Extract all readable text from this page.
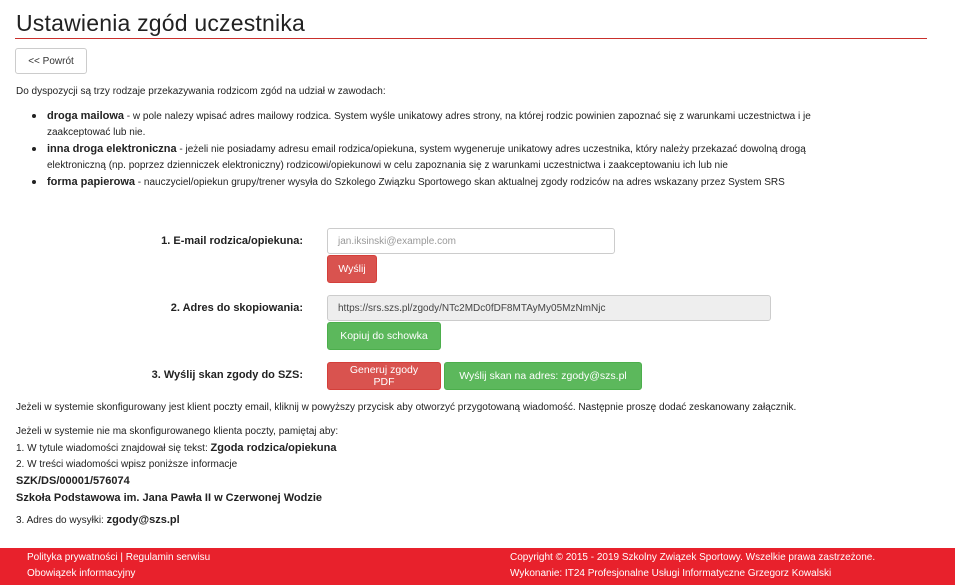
Ustawienia zgód uczestnika
<< Powrót
Do dyspozycji są trzy rodzaje przekazywania rodzicom zgód na udział w zawodach:
droga mailowa - w pole nalezy wpisać adres mailowy rodzica. System wyśle unikatowy adres strony, na której rodzic powinien zapoznać się z warunkami uczestnictwa i je
zaakceptować lub nie.
inna droga elektroniczna - jeżeli nie posiadamy adresu email rodzica/opiekuna, system wygeneruje unikatowy adres uczestnika, który należy przekazać dowolną drogą
elektroniczną (np. poprzez dzienniczek elektroniczny) rodzicowi/opiekunowi w celu zapoznania się z warunkami uczestnictwa i zaakceptowaniu ich lub nie
forma papierowa - nauczyciel/opiekun grupy/trener wysyła do Szkolego Związku Sportowego skan aktualnej zgody rodziców na adres wskazany przez System SRS
1. E-mail rodzica/opiekuna:	jan.iksinski@example.com
Wyślij
2. Adres do skopiowania:	https://srs.szs.pl/zgody/NTc2MDc0fDF8MTAyMy05MzNmNjc
Kopiuj do schowka
3. Wyślij skan zgody do SZS:	Generuj zgody PDF	Wyślij skan na adres: zgody@szs.pl
Jeżeli w systemie skonfigurowany jest klient poczty email, kliknij w powyższy przycisk aby otworzyć przygotowaną wiadomość. Następnie proszę dodać zeskanowany załącznik.
Jeżeli w systemie nie ma skonfigurowanego klienta poczty, pamiętaj aby:
1. W tytule wiadomości znajdował się tekst: Zgoda rodzica/opiekuna
2. W treści wiadomości wpisz poniższe informacje
SZK/DS/00001/576074
Szkoła Podstawowa im. Jana Pawła II w Czerwonej Wodzie
3. Adres do wysyłki: zgody@szs.pl
Polityka prywatności | Regulamin serwisu
Obowiązek informacyjny
Copyright © 2015 - 2019 Szkolny Związek Sportowy. Wszelkie prawa zastrzeżone.
Wykonanie: IT24 Profesjonalne Usługi Informatyczne Grzegorz Kowalski
